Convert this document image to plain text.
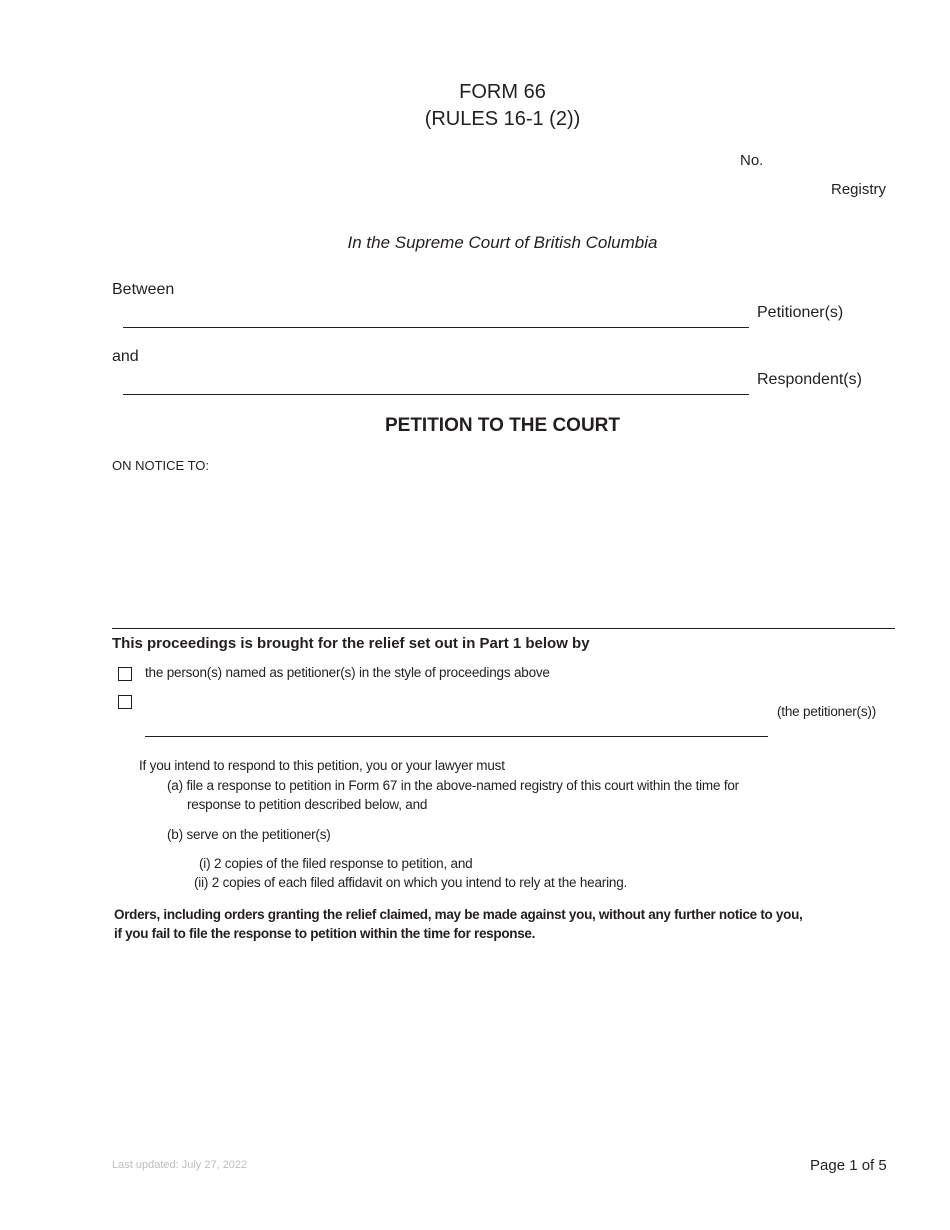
FORM 66
(RULES 16-1 (2))
No.
Registry
In the Supreme Court of British Columbia
Between
Petitioner(s)
and
Respondent(s)
PETITION TO THE COURT
ON NOTICE TO:
This proceedings is brought for the relief set out in Part 1 below by
the person(s) named as petitioner(s) in the style of proceedings above
(the petitioner(s))
If you intend to respond to this petition, you or your lawyer must
(a) file a response to petition in Form 67 in the above-named registry of this court within the time for
response to petition described below, and
(b) serve on the petitioner(s)
(i) 2 copies of the filed response to petition, and
(ii) 2 copies of each filed affidavit on which you intend to rely at the hearing.
Orders, including orders granting the relief claimed, may be made against you, without any further notice to you,
if you fail to file the response to petition within the time for response.
Last updated: July 27, 2022	Page 1 of 5
